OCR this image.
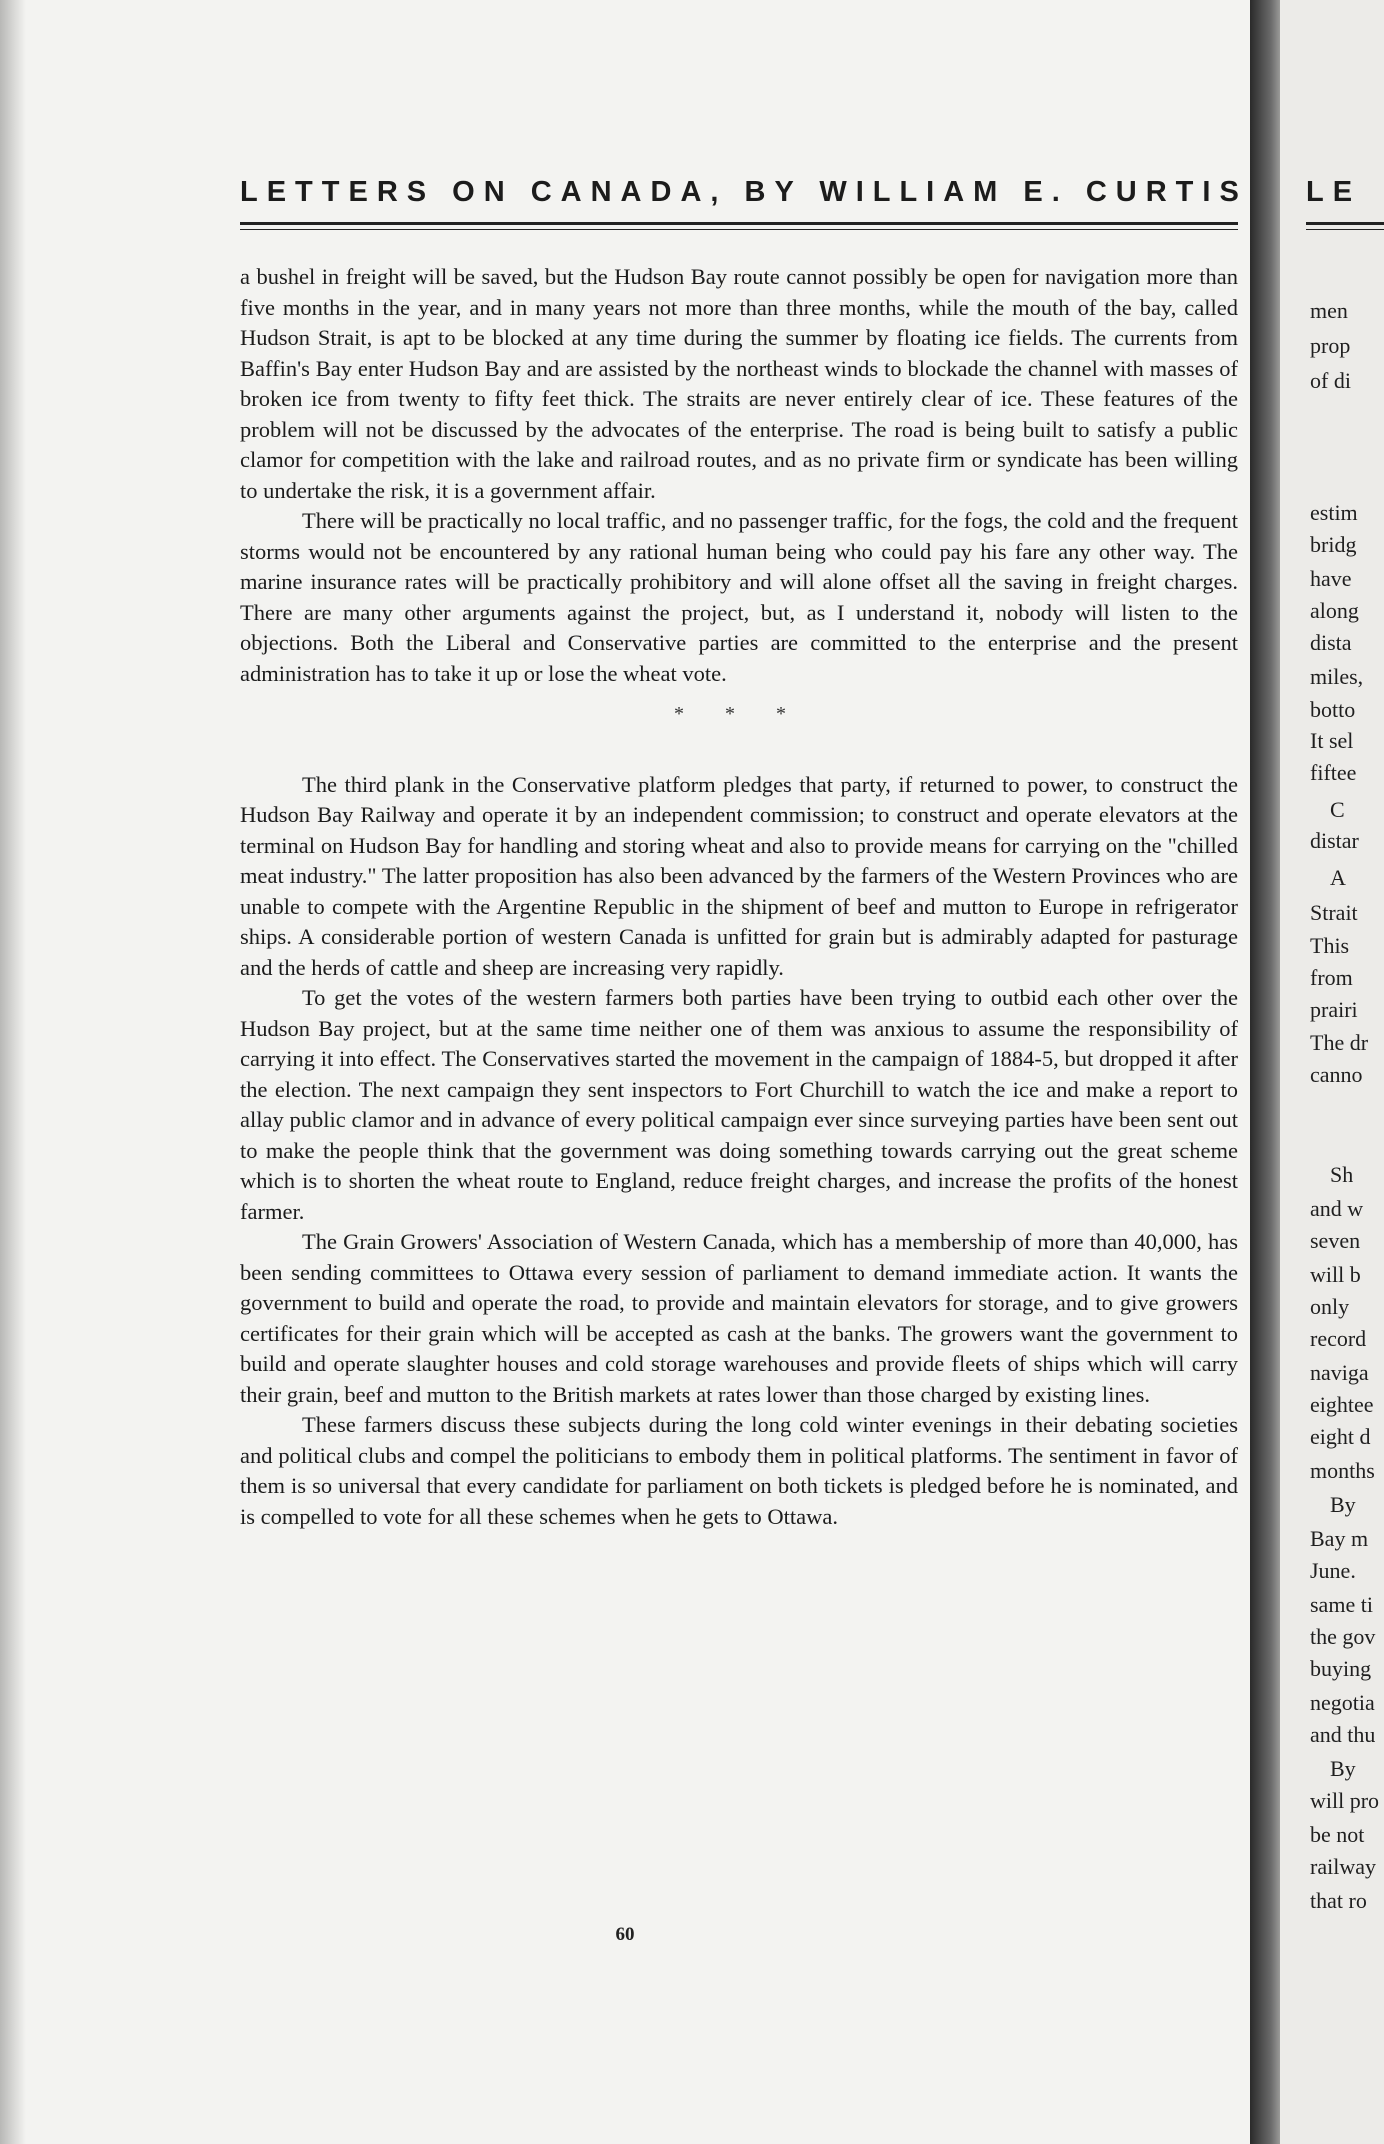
LETTERS ON CANADA, BY WILLIAM E. CURTIS

a bushel in freight will be saved, but the Hudson Bay route cannot possibly be open for navigation more than five months in the year, and in many years not more than three months, while the mouth of the bay, called Hudson Strait, is apt to be blocked at any time during the summer by floating ice fields. The currents from Baffin's Bay enter Hudson Bay and are assisted by the northeast winds to blockade the channel with masses of broken ice from twenty to fifty feet thick. The straits are never entirely clear of ice. These features of the problem will not be discussed by the advocates of the enterprise. The road is being built to satisfy a public clamor for competition with the lake and railroad routes, and as no private firm or syndicate has been willing to undertake the risk, it is a government affair.

There will be practically no local traffic, and no passenger traffic, for the fogs, the cold and the frequent storms would not be encountered by any rational human being who could pay his fare any other way. The marine insurance rates will be practically prohibitory and will alone offset all the saving in freight charges. There are many other arguments against the project, but, as I understand it, nobody will listen to the objections. Both the Liberal and Conservative parties are committed to the enterprise and the present administration has to take it up or lose the wheat vote.

* * *

The third plank in the Conservative platform pledges that party, if returned to power, to construct the Hudson Bay Railway and operate it by an independent commission; to construct and operate elevators at the terminal on Hudson Bay for handling and storing wheat and also to provide means for carrying on the "chilled meat industry." The latter proposition has also been advanced by the farmers of the Western Provinces who are unable to compete with the Argentine Republic in the shipment of beef and mutton to Europe in refrigerator ships. A considerable portion of western Canada is unfitted for grain but is admirably adapted for pasturage and the herds of cattle and sheep are increasing very rapidly.

To get the votes of the western farmers both parties have been trying to outbid each other over the Hudson Bay project, but at the same time neither one of them was anxious to assume the responsibility of carrying it into effect. The Conservatives started the movement in the campaign of 1884-5, but dropped it after the election. The next campaign they sent inspectors to Fort Churchill to watch the ice and make a report to allay public clamor and in advance of every political campaign ever since surveying parties have been sent out to make the people think that the government was doing something towards carrying out the great scheme which is to shorten the wheat route to England, reduce freight charges, and increase the profits of the honest farmer.

The Grain Growers' Association of Western Canada, which has a membership of more than 40,000, has been sending committees to Ottawa every session of parliament to demand immediate action. It wants the government to build and operate the road, to provide and maintain elevators for storage, and to give growers certificates for their grain which will be accepted as cash at the banks. The growers want the government to build and operate slaughter houses and cold storage warehouses and provide fleets of ships which will carry their grain, beef and mutton to the British markets at rates lower than those charged by existing lines.

These farmers discuss these subjects during the long cold winter evenings in their debating societies and political clubs and compel the politicians to embody them in political platforms. The sentiment in favor of them is so universal that every candidate for parliament on both tickets is pledged before he is nominated, and is compelled to vote for all these schemes when he gets to Ottawa.

60
LE
men
prop
of di
estim
bridg
have
along
dista
miles,
botto
It sel
fiftee
C
distar
A
Strait
This
from
prairi
The dr
canno
Sh
and w
seven
will b
only
record
naviga
eightee
eight d
months
By
Bay m
June.
same ti
the gov
buying
negotia
and thu
By
will pro
be not
railway
that ro
